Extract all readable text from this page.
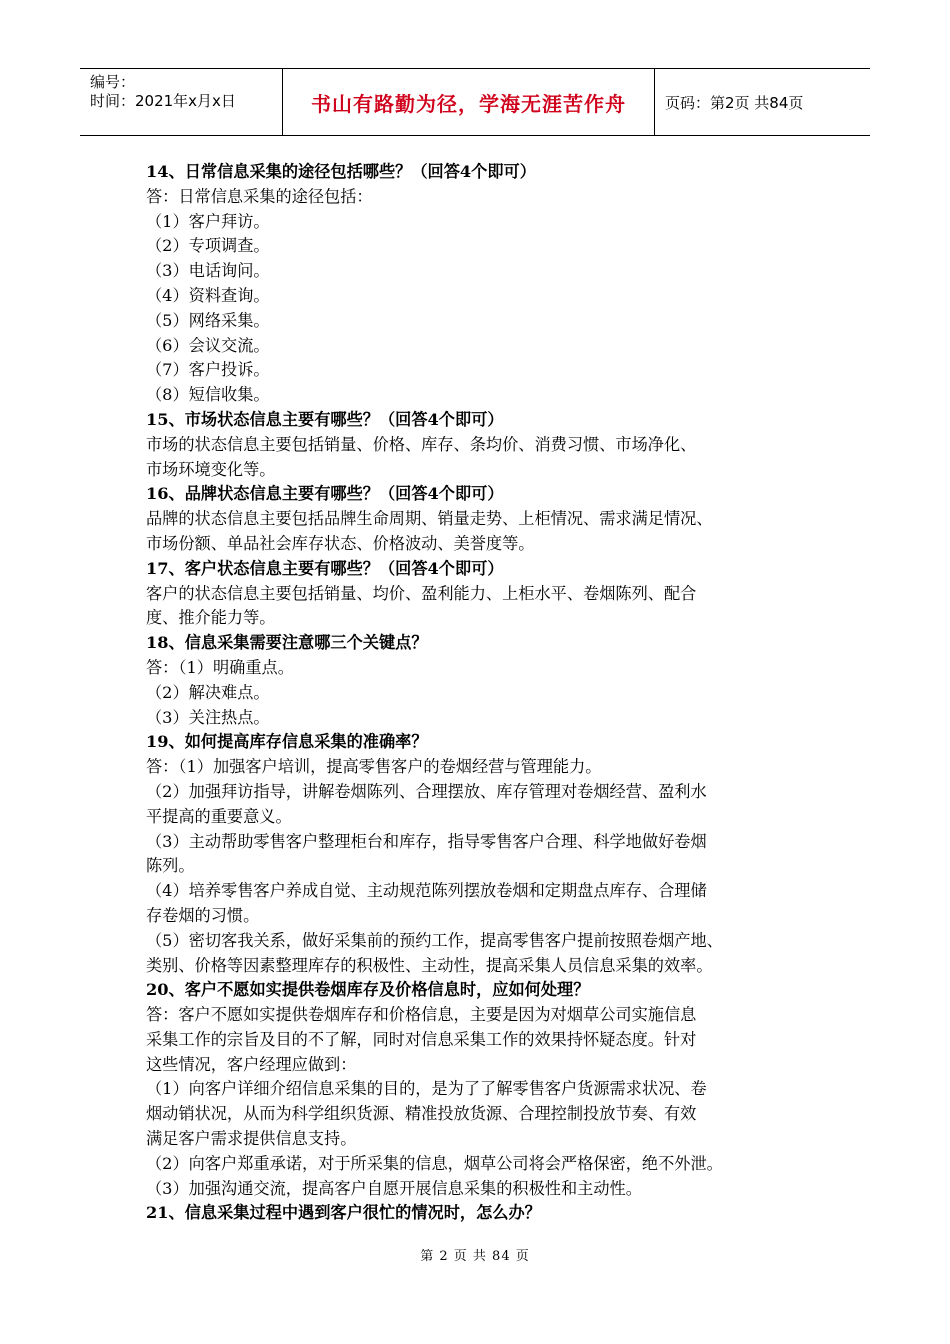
编号：
时间：2021年x月x日	书山有路勤为径，学海无涯苦作舟	页码：第2页 共84页

14、日常信息采集的途径包括哪些？（回答4个即可）

答：日常信息采集的途径包括：

（1）客户拜访。

（2）专项调查。

（3）电话询问。

（4）资料查询。

（5）网络采集。

（6）会议交流。

（7）客户投诉。

（8）短信收集。

15、市场状态信息主要有哪些？（回答4个即可）

市场的状态信息主要包括销量、价格、库存、条均价、消费习惯、市场净化、

市场环境变化等。

16、品牌状态信息主要有哪些？（回答4个即可）

品牌的状态信息主要包括品牌生命周期、销量走势、上柜情况、需求满足情况、

市场份额、单品社会库存状态、价格波动、美誉度等。

17、客户状态信息主要有哪些？（回答4个即可）

客户的状态信息主要包括销量、均价、盈利能力、上柜水平、卷烟陈列、配合

度、推介能力等。

18、信息采集需要注意哪三个关键点？

答：（1）明确重点。

（2）解决难点。

（3）关注热点。

19、如何提高库存信息采集的准确率？

答：（1）加强客户培训，提高零售客户的卷烟经营与管理能力。

（2）加强拜访指导，讲解卷烟陈列、合理摆放、库存管理对卷烟经营、盈利水

平提高的重要意义。

（3）主动帮助零售客户整理柜台和库存，指导零售客户合理、科学地做好卷烟

陈列。

（4）培养零售客户养成自觉、主动规范陈列摆放卷烟和定期盘点库存、合理储

存卷烟的习惯。

（5）密切客我关系，做好采集前的预约工作，提高零售客户提前按照卷烟产地、

类别、价格等因素整理库存的积极性、主动性，提高采集人员信息采集的效率。

20、客户不愿如实提供卷烟库存及价格信息时，应如何处理？

答：客户不愿如实提供卷烟库存和价格信息，主要是因为对烟草公司实施信息

采集工作的宗旨及目的不了解，同时对信息采集工作的效果持怀疑态度。针对

这些情况，客户经理应做到：

（1）向客户详细介绍信息采集的目的，是为了了解零售客户货源需求状况、卷

烟动销状况，从而为科学组织货源、精准投放货源、合理控制投放节奏、有效

满足客户需求提供信息支持。

（2）向客户郑重承诺，对于所采集的信息，烟草公司将会严格保密，绝不外泄。

（3）加强沟通交流，提高客户自愿开展信息采集的积极性和主动性。

21、信息采集过程中遇到客户很忙的情况时，怎么办？

第 2 页 共 84 页
